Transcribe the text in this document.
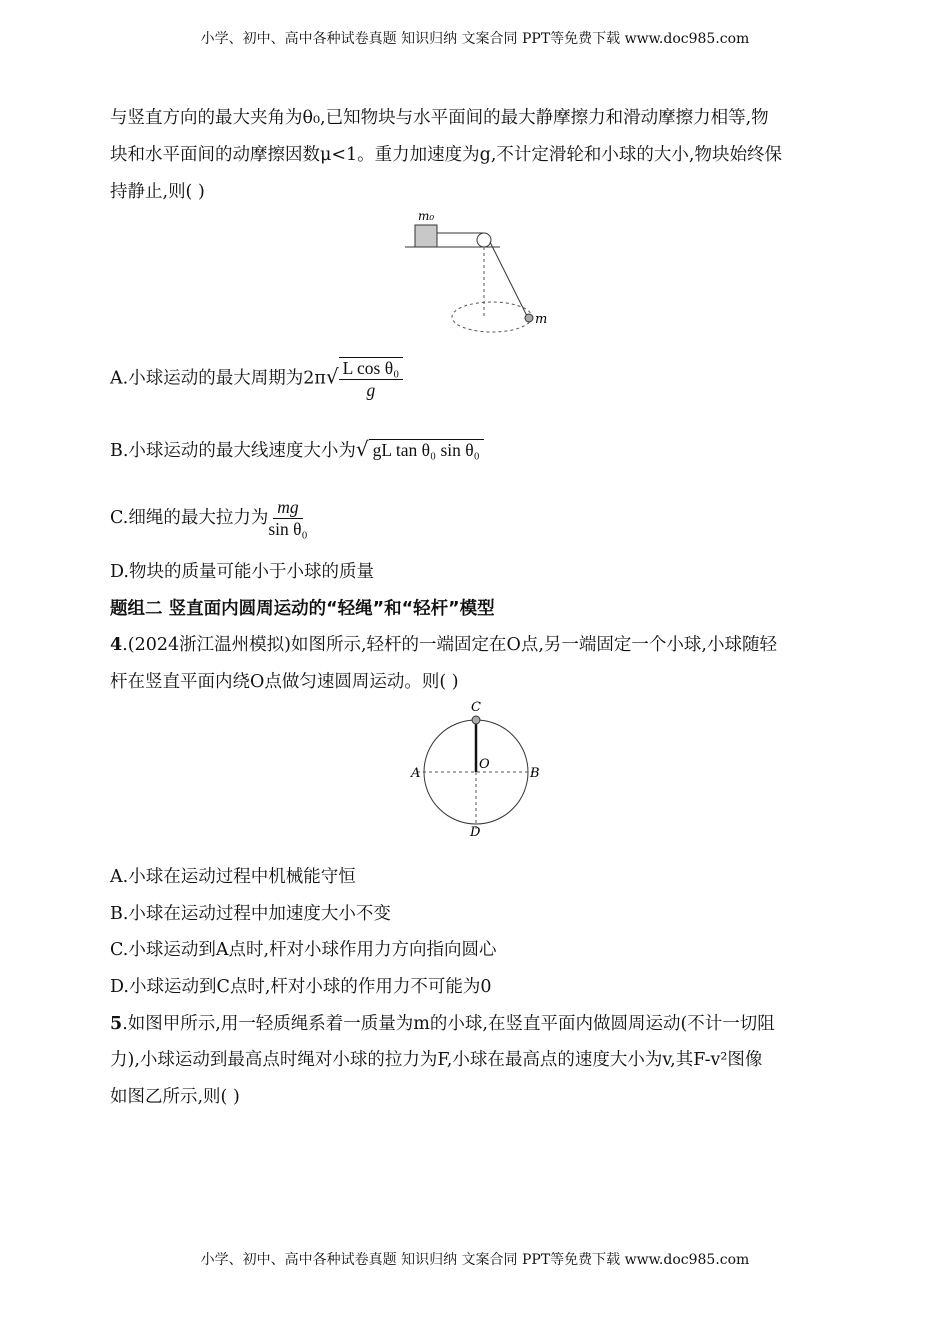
小学、初中、高中各种试卷真题 知识归纳 文案合同 PPT等免费下载 www.doc985.com
与竖直方向的最大夹角为θ₀,已知物块与水平面间的最大静摩擦力和滑动摩擦力相等,物
块和水平面间的动摩擦因数μ<1。重力加速度为g,不计定滑轮和小球的大小,物块始终保
持静止,则( )
m₀
m
A.小球运动的最大周期为$2\pi√ \frac{\text{L cos θ₀}}{g}$
B.小球运动的最大线速度大小为√ gL tan θ₀ sin θ₀
C.细绳的最大拉力为 $\frac{mg}{\text{sin θ₀}}$
D.物块的质量可能小于小球的质量
题组二 竖直面内圆周运动的“轻绳”和“轻杆”模型
4.(2024浙江温州模拟)如图所示,轻杆的一端固定在O点,另一端固定一个小球,小球随轻
杆在竖直平面内绕O点做匀速圆周运动。则( )
C
A	B
O
D
A.小球在运动过程中机械能守恒
B.小球在运动过程中加速度大小不变
C.小球运动到A点时,杆对小球作用力方向指向圆心
D.小球运动到C点时,杆对小球的作用力不可能为0
5.如图甲所示,用一轻质绳系着一质量为m的小球,在竖直平面内做圆周运动(不计一切阻
力),小球运动到最高点时绳对小球的拉力为F,小球在最高点的速度大小为v,其F-v²图像
如图乙所示,则( )
小学、初中、高中各种试卷真题 知识归纳 文案合同 PPT等免费下载 www.doc985.com
